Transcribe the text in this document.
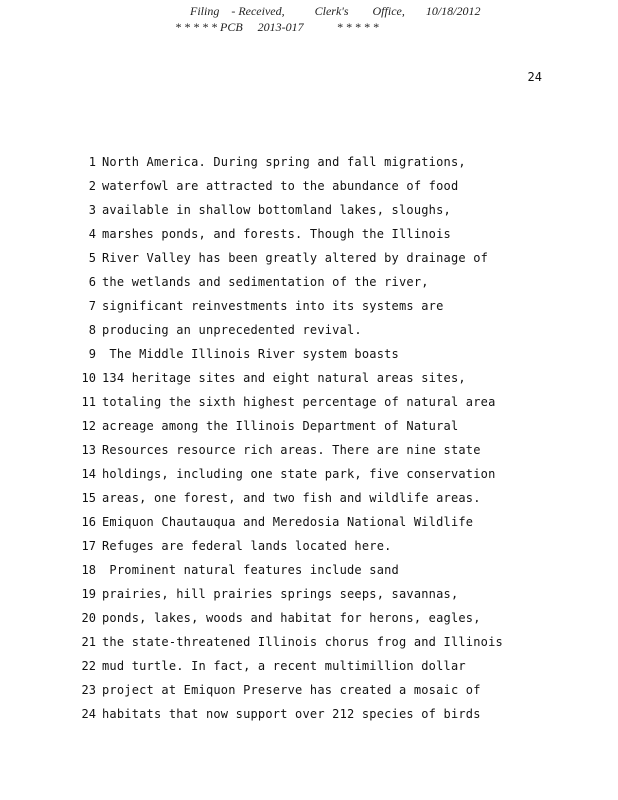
Filing    - Received,          Clerk's        Office,       10/18/2012
* * * * * PCB     2013-017           * * * * *
24
1 North America. During spring and fall migrations,
2 waterfowl are attracted to the abundance of food
3 available in shallow bottomland lakes, sloughs,
4 marshes ponds, and forests. Though the Illinois
5 River Valley has been greatly altered by drainage of
6 the wetlands and sedimentation of the river,
7 significant reinvestments into its systems are
8 producing an unprecedented revival.
9 The Middle Illinois River system boasts
10 134 heritage sites and eight natural areas sites,
11 totaling the sixth highest percentage of natural area
12 acreage among the Illinois Department of Natural
13 Resources resource rich areas. There are nine state
14 holdings, including one state park, five conservation
15 areas, one forest, and two fish and wildlife areas.
16 Emiquon Chautauqua and Meredosia National Wildlife
17 Refuges are federal lands located here.
18 Prominent natural features include sand
19 prairies, hill prairies springs seeps, savannas,
20 ponds, lakes, woods and habitat for herons, eagles,
21 the state-threatened Illinois chorus frog and Illinois
22 mud turtle. In fact, a recent multimillion dollar
23 project at Emiquon Preserve has created a mosaic of
24 habitats that now support over 212 species of birds
